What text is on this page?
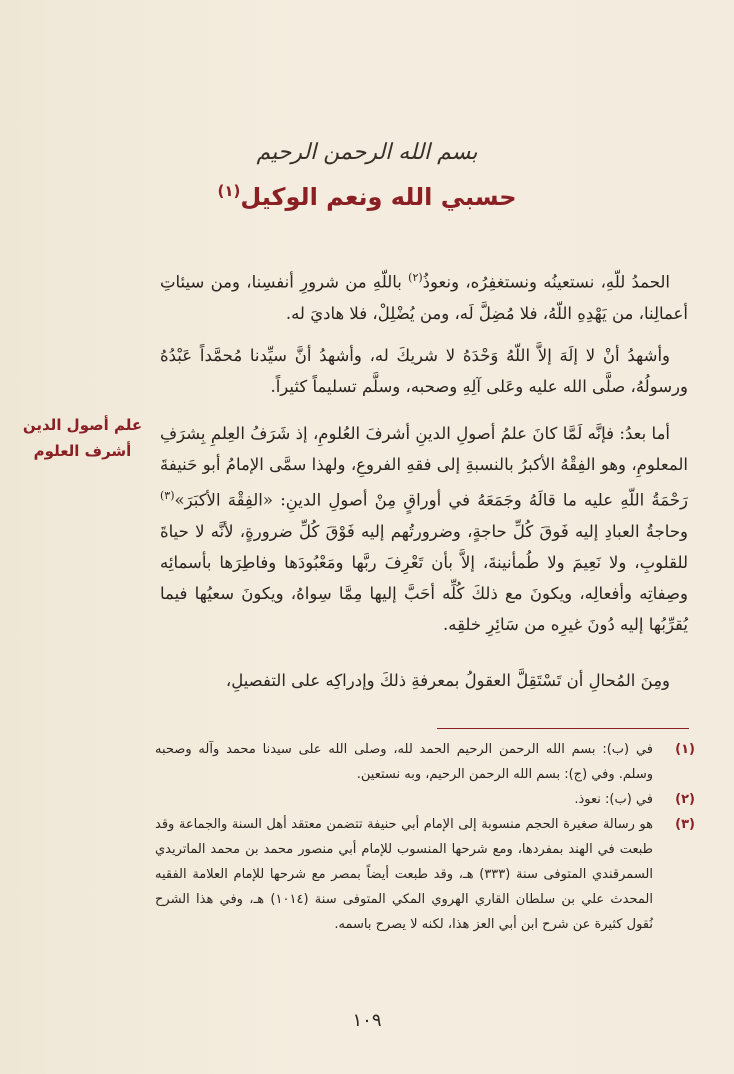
بسم الله الرحمن الرحيم
حسبي الله ونعم الوكيل$^{(١)}$

الحمدُ للّهِ، نستعينُه ونستغفِرُه، ونعوذُ$^{(٢)}$ باللّهِ من شرورِ أنفسِنا، ومن سيئاتِ أعمالِنا، من يَهْدِهِ اللّهُ، فلا مُضِلَّ لَه، ومن يُضْلِلْ، فلا هاديَ له.

وأشهدُ أنْ لا إلَهَ إلاَّ اللّهُ وَحْدَهُ لا شريكَ له، وأشهدُ أنَّ سيِّدنا مُحمَّداً عَبْدُهُ ورسولُهُ، صلَّى الله عليه وعَلى آلِهِ وصحبه، وسلَّم تسليماً كثيراً.

أما بعدُ: فإنَّه لَمَّا كانَ علمُ أصولِ الدينِ أشرفَ العُلومِ، إذ شَرَفُ العِلمِ بِشرَفِ المعلومِ، وهو الفِقْهُ الأكبرُ بالنسبةِ إلى فقهِ الفروعِ، ولهذا سمَّى الإمامُ أبو حَنيفةَ رَحْمَةُ اللّهِ عليه ما قالَهُ وجَمَعَهُ في أوراقٍ مِنْ أصولِ الدينِ: «الفِقْهَ الأكبَرَ»$^{(٣)}$ وحاجةُ العبادِ إليه فَوقَ كُلِّ حاجةٍ، وضرورتُهم إليه فَوْقَ كُلِّ ضرورةٍ، لأنَّه لا حياةَ للقلوبِ، ولا نَعِيمَ ولا طُمأنينةَ، إلاَّ بأن تَعْرِفَ ربَّها ومَعْبُودَها وفاطِرَها بأسمائِه وصِفاتِه وأفعالِه، ويكونَ مع ذلكَ كُلِّه أحَبَّ إليها مِمَّا سِواهُ، ويكونَ سعيُها فيما يُقرِّبُها إليه دُونَ غيرِه من سَائِرِ خلقِه.

ومِنَ المُحالِ أن تَسْتَقِلَّ العقولُ بمعرفةِ ذلكَ وإدراكِه على التفصيلِ،

علم أصول الدين أشرف العلوم
(١)
في (ب): بسم الله الرحمن الرحيم الحمد لله، وصلى الله على سيدنا محمد وآله وصحبه وسلم. وفي (ج): بسم الله الرحمن الرحيم، وبه نستعين.
(٢)
في (ب): نعوذ.
(٣)
هو رسالة صغيرة الحجم منسوبة إلى الإمام أبي حنيفة تتضمن معتقد أهل السنة والجماعة وقد طبعت في الهند بمفردها، ومع شرحها المنسوب للإمام أبي منصور محمد بن محمد الماتريدي السمرقندي المتوفى سنة (٣٣٣) هـ، وقد طبعت أيضاً بمصر مع شرحها للإمام العلامة الفقيه المحدث علي بن سلطان القاري الهروي المكي المتوفى سنة (١٠١٤) هـ، وفي هذا الشرح نُقول كثيرة عن شرح ابن أبي العز هذا، لكنه لا يصرح باسمه.
١٠٩
